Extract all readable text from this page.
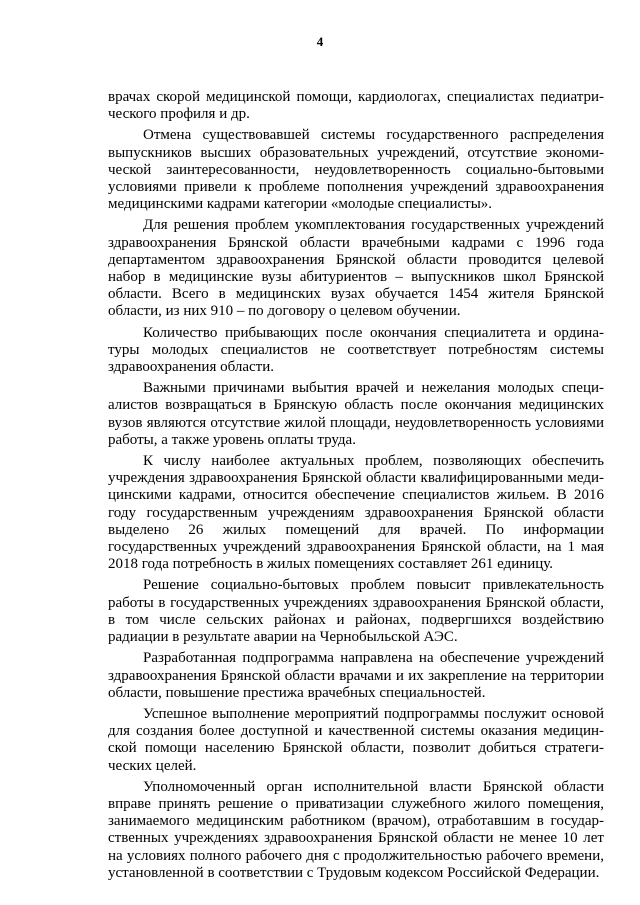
4

врачах скорой медицинской помощи, кардиологах, специалистах педиатрического профиля и др.

Отмена существовавшей системы государственного распределения выпускников высших образовательных учреждений, отсутствие экономической заинтересованности, неудовлетворенность социально-бытовыми условиями привели к проблеме пополнения учреждений здравоохранения медицинскими кадрами категории «молодые специалисты».

Для решения проблем укомплектования государственных учреждений здравоохранения Брянской области врачебными кадрами с 1996 года департаментом здравоохранения Брянской области проводится целевой набор в медицинские вузы абитуриентов – выпускников школ Брянской области. Всего в медицинских вузах обучается 1454 жителя Брянской области, из них 910 – по договору о целевом обучении.

Количество прибывающих после окончания специалитета и ординатуры молодых специалистов не соответствует потребностям системы здравоохранения области.

Важными причинами выбытия врачей и нежелания молодых специалистов возвращаться в Брянскую область после окончания медицинских вузов являются отсутствие жилой площади, неудовлетворенность условиями работы, а также уровень оплаты труда.

К числу наиболее актуальных проблем, позволяющих обеспечить учреждения здравоохранения Брянской области квалифицированными медицинскими кадрами, относится обеспечение специалистов жильем. В 2016 году государственным учреждениям здравоохранения Брянской области выделено 26 жилых помещений для врачей. По информации государственных учреждений здравоохранения Брянской области, на 1 мая 2018 года потребность в жилых помещениях составляет 261 единицу.

Решение социально-бытовых проблем повысит привлекательность работы в государственных учреждениях здравоохранения Брянской области, в том числе сельских районах и районах, подвергшихся воздействию радиации в результате аварии на Чернобыльской АЭС.

Разработанная подпрограмма направлена на обеспечение учреждений здравоохранения Брянской области врачами и их закрепление на территории области, повышение престижа врачебных специальностей.

Успешное выполнение мероприятий подпрограммы послужит основой для создания более доступной и качественной системы оказания медицинской помощи населению Брянской области, позволит добиться стратегических целей.

Уполномоченный орган исполнительной власти Брянской области вправе принять решение о приватизации служебного жилого помещения, занимаемого медицинским работником (врачом), отработавшим в государственных учреждениях здравоохранения Брянской области не менее 10 лет на условиях полного рабочего дня с продолжительностью рабочего времени, установленной в соответствии с Трудовым кодексом Российской Федерации.
